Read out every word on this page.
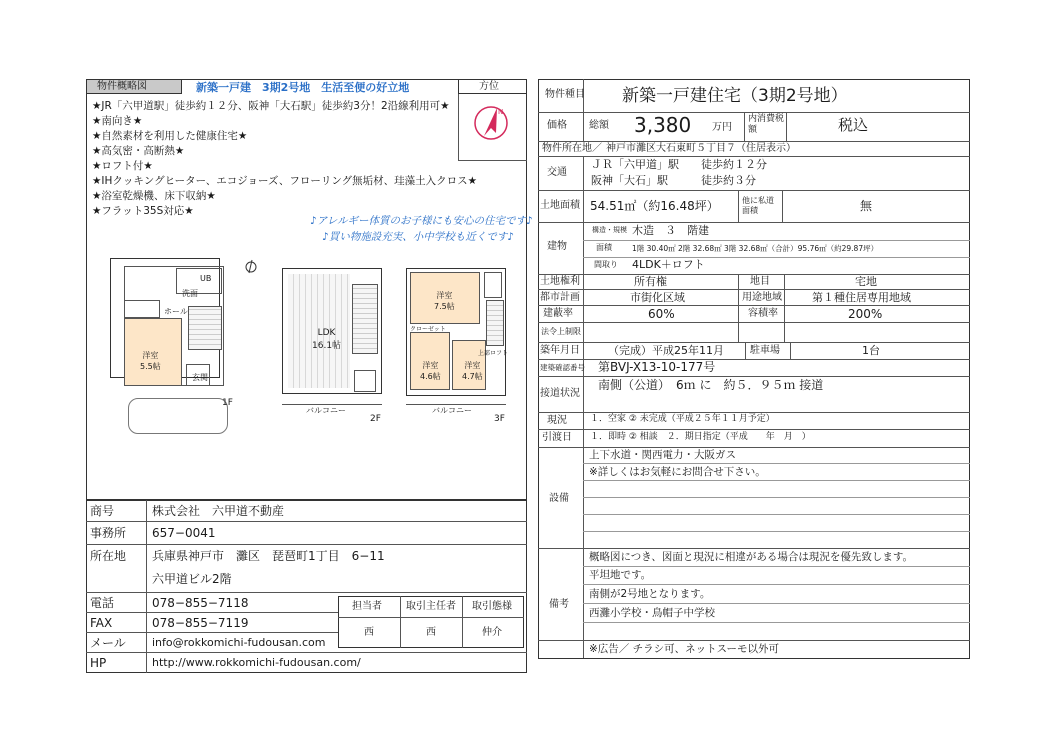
物件概略図	新築一戸建　3期2号地　生活至便の好立地	方位
N
★JR「六甲道駅」徒歩約１２分、阪神「大石駅」徒歩約3分！2沿線利用可★
★南向き★
★自然素材を利用した健康住宅★
★高気密・高断熱★
★ロフト付★
★IHクッキングヒーター、エコジョーズ、フローリング無垢材、珪藻土入クロス★
★浴室乾燥機、床下収納★
★フラット35S対応★
♪アレルギー体質のお子様にも安心の住宅です♪
♪買い物施設充実、小中学校も近くです♪
洗面
UB
ホール
洋室
5.5帖
玄関
1F
LDK
16.1帖
バルコニー
2F
洋室
7.5帖
クローゼット
上部ロフト
洋室
4.6帖
洋室
4.7帖
バルコニー
3F
商号	株式会社　六甲道不動産
事務所 657−0041
所在地 兵庫県神戸市　灘区　琵琶町1丁目　6−11
六甲道ビル2階
電話	078−855−7118
FAX	078−855−7119
メール info@rokkomichi-fudousan.com
HP	http://www.rokkomichi-fudousan.com/
担当者 取引主任者 取引態様
西	西	仲介
物件種目 新築一戸建住宅（3期2号地）
価格 総額 3,380 万円
内消費税額	税込
物件所在地／ 神戸市灘区大石東町５丁目７（住居表示）
交通
ＪＲ「六甲道」駅　　徒歩約１２分
阪神「大石」駅　　　徒歩約３分
土地面積 54.51㎡（約16.48坪）	他に私道面積	無
建物
構造・規模 木造　３　階建
面積	1階 30.40㎡ 2階 32.68㎡ 3階 32.68㎡（合計）95.76㎡（約29.87坪）
間取り 4LDK＋ロフト
土地権利	所有権	地目	宅地
都市計画	市街化区域	用途地域	第１種住居専用地域
建蔽率	60%	容積率	200%
法令上制限
築年月日	（完成）平成25年11月	駐車場	1台
建築確認番号 第BVJ-X13-10-177号
接道状況
南側（公道）　6ｍ に　約５．９５ｍ 接道
現況	１．空家 ② 未完成（平成２５年１１月予定）
引渡日 １．即時 ② 相談　２．期日指定（平成　　年　月　）
設備
上下水道・関西電力・大阪ガス
※詳しくはお気軽にお問合せ下さい。
備考
概略図につき、図面と現況に相違がある場合は現況を優先致します。
平坦地です。
南側が2号地となります。
西灘小学校・鳥帽子中学校
※広告／ チラシ可、ネットスーモ以外可
